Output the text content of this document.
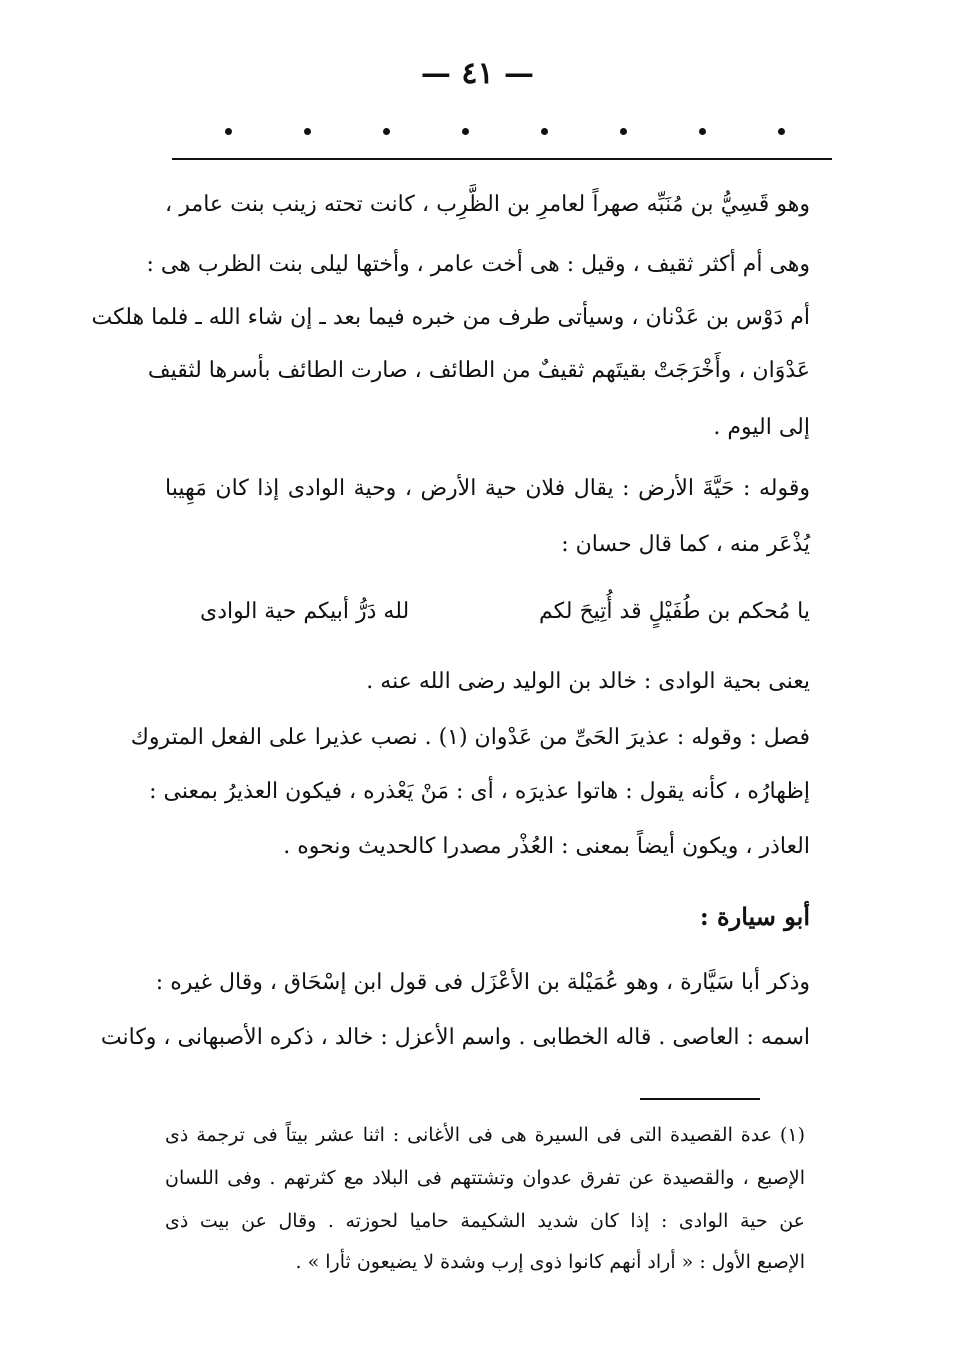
— ٤١ —
وهو قَسِيُّ بن مُنَبِّه صهراً لعامرِ بن الظَّرِب ، كانت تحته زينب بنت عامر ،
وهى أم أكثر ثقيف ، وقيل : هى أخت عامر ، وأختها ليلى بنت الظرب هى :
أم دَوْس بن عَدْنان ، وسيأتى طرف من خبره فيما بعد ـ إن شاء الله ـ فلما هلكت
عَدْوَان ، وأَخْرَجَتْ بقيتَهم ثقيفٌ من الطائف ، صارت الطائف بأسرها لثقيف
إلى اليوم .
وقوله : حَيَّةَ الأرض : يقال فلان حية الأرض ، وحية الوادى إذا كان مَهِيبا
يُذْعَر منه ، كما قال حسان :
يا مُحكم بن طُفَيْلٍ قد أُتِيحَ لكم
لله دَرُّ أبيكم حية الوادى
يعنى بحية الوادى : خالد بن الوليد رضى الله عنه .
فصل : وقوله : عذيرَ الحَىِّ من عَدْوان (١) . نصب عذيرا على الفعل المتروك
إظهارُه ، كأنه يقول : هاتوا عذيرَه ، أى : مَنْ يَعْذره ، فيكون العذيرُ بمعنى :
العاذر ، ويكون أيضاً بمعنى : العُذْر مصدرا كالحديث ونحوه .
أبو سيارة :
وذكر أبا سَيَّارة ، وهو عُمَيْلة بن الأعْزَل فى قول ابن إسْحَاق ، وقال غيره :
اسمه : العاصى . قاله الخطابى . واسم الأعزل : خالد ، ذكره الأصبهانى ، وكانت
(١) عدة القصيدة التى فى السيرة هى فى الأغانى : اثنا عشر بيتاً فى ترجمة ذى
الإصبع ، والقصيدة عن تفرق عدوان وتشتتهم فى البلاد مع كثرتهم . وفى اللسان
عن حية الوادى : إذا كان شديد الشكيمة حاميا لحوزته . وقال عن بيت ذى
الإصبع الأول : « أراد أنهم كانوا ذوى إرب وشدة لا يضيعون ثأرا » .
